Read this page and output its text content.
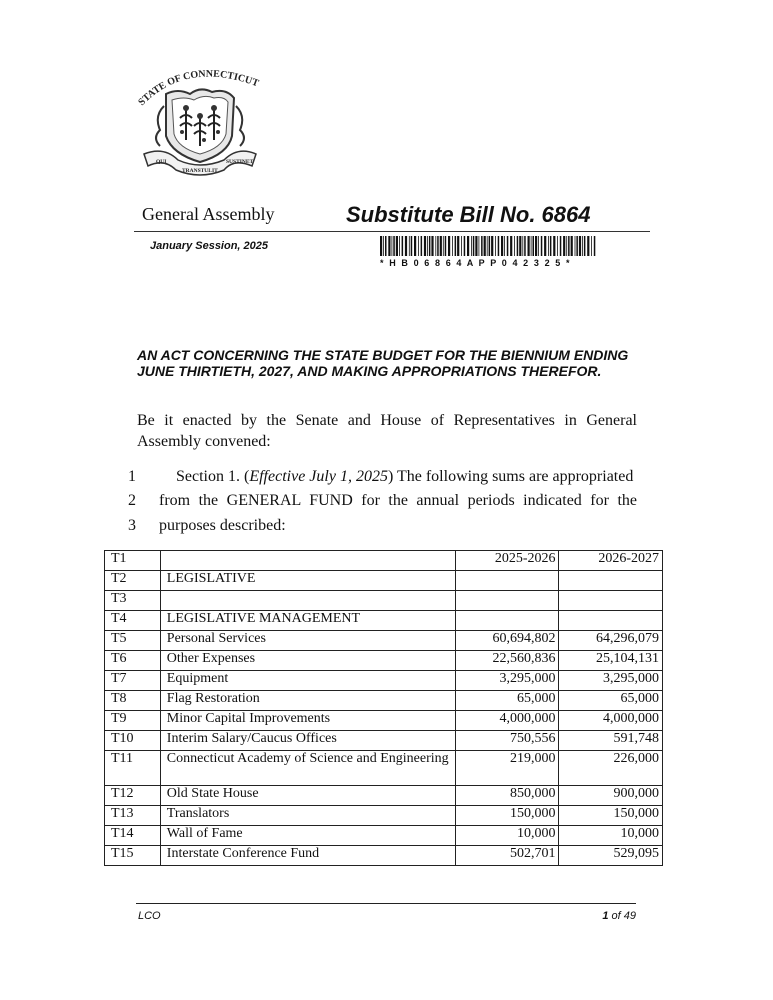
STATE OF CONNECTICUT
QUI
TRANSTULIT
SUSTINET
General Assembly	Substitute Bill No. 6864
January Session, 2025
* H B 0 6 8 6 4 A P P 0 4 2 3 2 5 *
AN ACT CONCERNING THE STATE BUDGET FOR THE BIENNIUM ENDING JUNE THIRTIETH, 2027, AND MAKING APPROPRIATIONS THEREFOR.
Be it enacted by the Senate and House of Representatives in General Assembly convened:
1
2
3
Section 1. (Effective July 1, 2025) The following sums are appropriated
from the GENERAL FUND for the annual periods indicated for the
purposes described:
T1		2025-2026	2026-2027
T2	LEGISLATIVE		
T3			
T4	LEGISLATIVE MANAGEMENT		
T5	Personal Services	60,694,802	64,296,079
T6	Other Expenses	22,560,836	25,104,131
T7	Equipment	3,295,000	3,295,000
T8	Flag Restoration	65,000	65,000
T9	Minor Capital Improvements	4,000,000	4,000,000
T10	Interim Salary/Caucus Offices	750,556	591,748
T11	Connecticut Academy of Science and Engineering	219,000	226,000
T12	Old State House	850,000	900,000
T13	Translators	150,000	150,000
T14	Wall of Fame	10,000	10,000
T15	Interstate Conference Fund	502,701	529,095
LCO	1 of 49
